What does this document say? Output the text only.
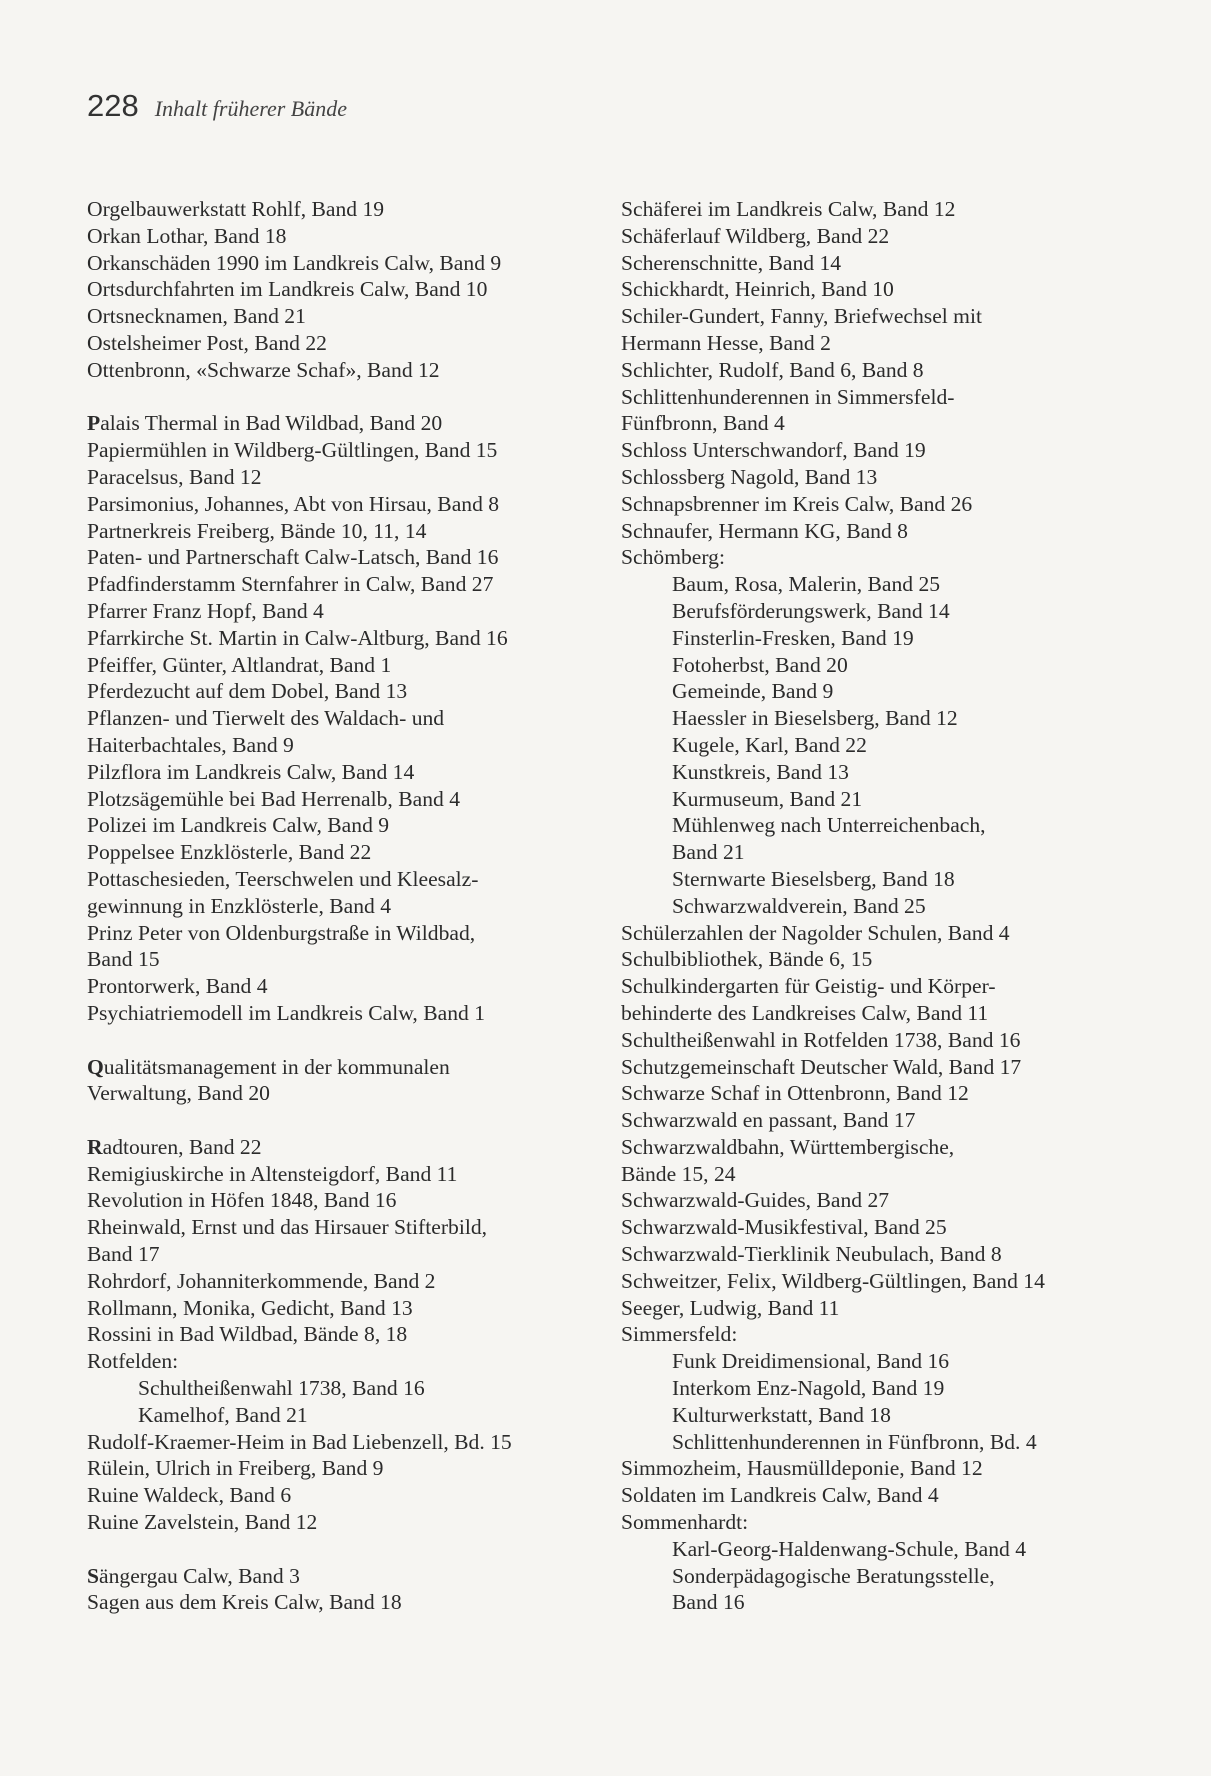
228 Inhalt früherer Bände
Orgelbauwerkstatt Rohlf, Band 19
Orkan Lothar, Band 18
Orkanschäden 1990 im Landkreis Calw, Band 9
Ortsdurchfahrten im Landkreis Calw, Band 10
Ortsnecknamen, Band 21
Ostelsheimer Post, Band 22
Ottenbronn, «Schwarze Schaf», Band 12
Palais Thermal in Bad Wildbad, Band 20
Papiermühlen in Wildberg-Gültlingen, Band 15
Paracelsus, Band 12
Parsimonius, Johannes, Abt von Hirsau, Band 8
Partnerkreis Freiberg, Bände 10, 11, 14
Paten- und Partnerschaft Calw-Latsch, Band 16
Pfadfinderstamm Sternfahrer in Calw, Band 27
Pfarrer Franz Hopf, Band 4
Pfarrkirche St. Martin in Calw-Altburg, Band 16
Pfeiffer, Günter, Altlandrat, Band 1
Pferdezucht auf dem Dobel, Band 13
Pflanzen- und Tierwelt des Waldach- und
Haiterbachtales, Band 9
Pilzflora im Landkreis Calw, Band 14
Plotzsägemühle bei Bad Herrenalb, Band 4
Polizei im Landkreis Calw, Band 9
Poppelsee Enzklösterle, Band 22
Pottaschesieden, Teerschwelen und Kleesalz-
gewinnung in Enzklösterle, Band 4
Prinz Peter von Oldenburgstraße in Wildbad,
Band 15
Prontorwerk, Band 4
Psychiatriemodell im Landkreis Calw, Band 1
Qualitätsmanagement in der kommunalen
Verwaltung, Band 20
Radtouren, Band 22
Remigiuskirche in Altensteigdorf, Band 11
Revolution in Höfen 1848, Band 16
Rheinwald, Ernst und das Hirsauer Stifterbild,
Band 17
Rohrdorf, Johanniterkommende, Band 2
Rollmann, Monika, Gedicht, Band 13
Rossini in Bad Wildbad, Bände 8, 18
Rotfelden:
Schultheißenwahl 1738, Band 16
Kamelhof, Band 21
Rudolf-Kraemer-Heim in Bad Liebenzell, Bd. 15
Rülein, Ulrich in Freiberg, Band 9
Ruine Waldeck, Band 6
Ruine Zavelstein, Band 12
Sängergau Calw, Band 3
Sagen aus dem Kreis Calw, Band 18
Schäferei im Landkreis Calw, Band 12
Schäferlauf Wildberg, Band 22
Scherenschnitte, Band 14
Schickhardt, Heinrich, Band 10
Schiler-Gundert, Fanny, Briefwechsel mit
Hermann Hesse, Band 2
Schlichter, Rudolf, Band 6, Band 8
Schlittenhunderennen in Simmersfeld-
Fünfbronn, Band 4
Schloss Unterschwandorf, Band 19
Schlossberg Nagold, Band 13
Schnapsbrenner im Kreis Calw, Band 26
Schnaufer, Hermann KG, Band 8
Schömberg:
Baum, Rosa, Malerin, Band 25
Berufsförderungswerk, Band 14
Finsterlin-Fresken, Band 19
Fotoherbst, Band 20
Gemeinde, Band 9
Haessler in Bieselsberg, Band 12
Kugele, Karl, Band 22
Kunstkreis, Band 13
Kurmuseum, Band 21
Mühlenweg nach Unterreichenbach,
Band 21
Sternwarte Bieselsberg, Band 18
Schwarzwaldverein, Band 25
Schülerzahlen der Nagolder Schulen, Band 4
Schulbibliothek, Bände 6, 15
Schulkindergarten für Geistig- und Körper-
behinderte des Landkreises Calw, Band 11
Schultheißenwahl in Rotfelden 1738, Band 16
Schutzgemeinschaft Deutscher Wald, Band 17
Schwarze Schaf in Ottenbronn, Band 12
Schwarzwald en passant, Band 17
Schwarzwaldbahn, Württembergische,
Bände 15, 24
Schwarzwald-Guides, Band 27
Schwarzwald-Musikfestival, Band 25
Schwarzwald-Tierklinik Neubulach, Band 8
Schweitzer, Felix, Wildberg-Gültlingen, Band 14
Seeger, Ludwig, Band 11
Simmersfeld:
Funk Dreidimensional, Band 16
Interkom Enz-Nagold, Band 19
Kulturwerkstatt, Band 18
Schlittenhunderennen in Fünfbronn, Bd. 4
Simmozheim, Hausmülldeponie, Band 12
Soldaten im Landkreis Calw, Band 4
Sommenhardt:
Karl-Georg-Haldenwang-Schule, Band 4
Sonderpädagogische Beratungsstelle,
Band 16
